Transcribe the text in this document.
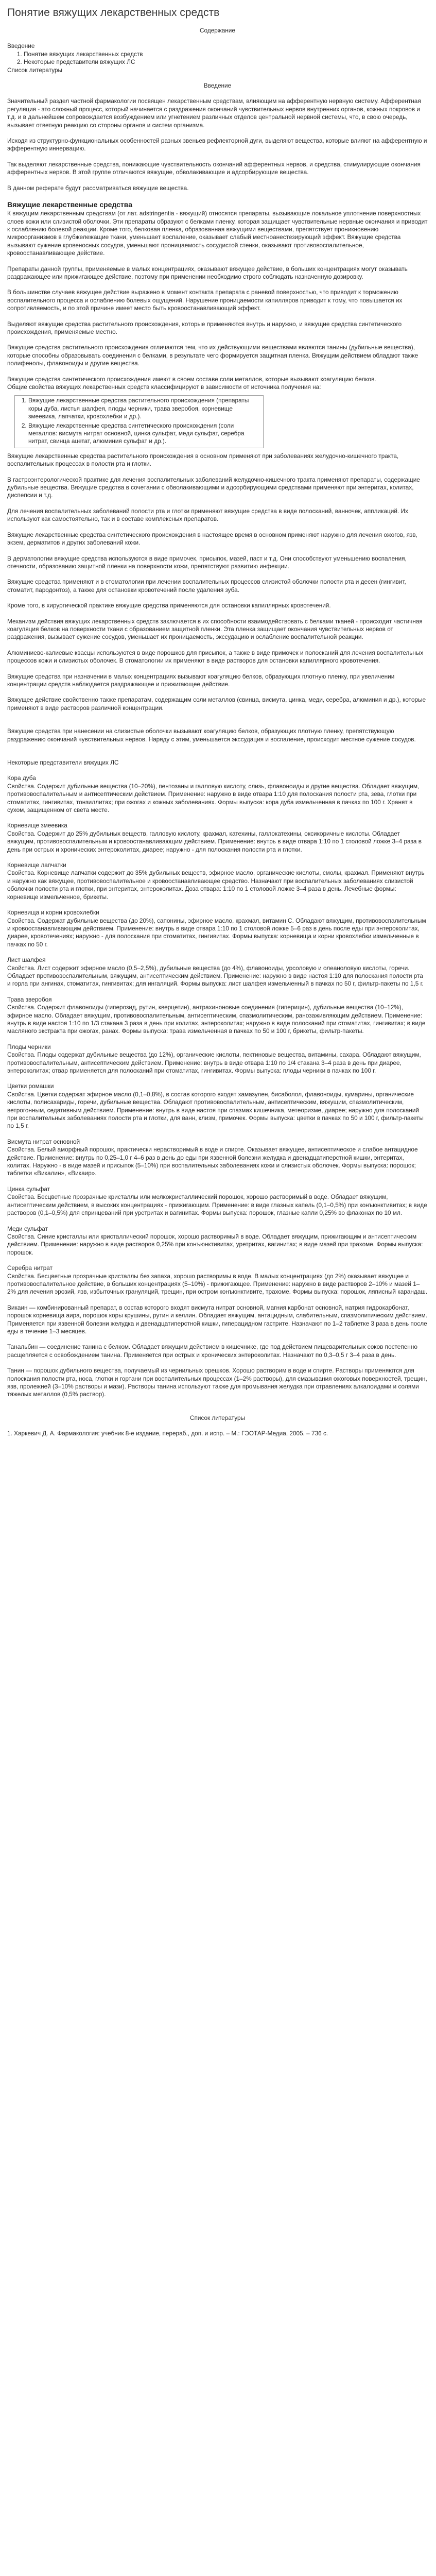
Понятие вяжущих лекарственных средств

Содержание

Введение

1. Понятие вяжущих лекарственных средств
2. Некоторые представители вяжущих ЛС

Список литературы

Введение

Значительный раздел частной фармакологии посвящен лекарственным средствам, влияющим на афферентную нервную систему. Афферентная регуляция - это сложный процесс, который начинается с раздражения окончаний чувствительных нервов внутренних органов, кожных покровов и т.д. и в дальнейшем сопровождается возбуждением или угнетением различных отделов центральной нервной системы, что, в свою очередь, вызывает ответную реакцию со стороны органов и систем организма.

Исходя из структурно-функциональных особенностей разных звеньев рефлекторной дуги, выделяют вещества, которые влияют на афферентную и эфферентную иннервацию.

Так выделяют лекарственные средства, понижающие чувствительность окончаний афферентных нервов, и средства, стимулирующие окончания афферентных нервов. В этой группе отличаются вяжущие, обволакивающие и адсорбирующие вещества.

В данном реферате будут рассматриваться вяжущие вещества.

Вяжущие лекарственные средства

К вяжущим лекарственным средствам (от лат. adstringentia - вяжущий) относятся препараты, вызывающие локальное уплотнение поверхностных слоев кожи или слизистой оболочки. Эти препараты образуют с белками пленку, которая защищает чувствительные нервные окончания и приводит к ослаблению болевой реакции. Кроме того, белковая пленка, образованная вяжущими веществами, препятствует проникновению микроорганизмов в глубжележащие ткани, уменьшает воспаление, оказывает слабый местноанестезирующий эффект. Вяжущие средства вызывают сужение кровеносных сосудов, уменьшают проницаемость сосудистой стенки, оказывают противовоспалительное, кровоостанавливающее действие.

Препараты данной группы, применяемые в малых концентрациях, оказывают вяжущее действие, в больших концентрациях могут оказывать раздражающее или прижигающее действие, поэтому при применении необходимо строго соблюдать назначенную дозировку.

В большинстве случаев вяжущее действие выражено в момент контакта препарата с раневой поверхностью, что приводит к торможению воспалительного процесса и ослаблению болевых ощущений. Нарушение проницаемости капилляров приводит к тому, что повышается их сопротивляемость, и по этой причине имеет место быть кровоостанавливающий эффект.

Выделяют вяжущие средства растительного происхождения, которые применяются внутрь и наружно, и вяжущие средства синтетического происхождения, применяемые местно.

Вяжущие средства растительного происхождения отличаются тем, что их действующими веществами являются танины (дубильные вещества), которые способны образовывать соединения с белками, в результате чего формируется защитная пленка. Вяжущим действием обладают также полифенолы, флавоноиды и другие вещества.

Вяжущие средства синтетического происхождения имеют в своем составе соли металлов, которые вызывают коагуляцию белков.

Общие свойства вяжущих лекарственных средств классифицируют в зависимости от источника получения на:

1. Вяжущие лекарственные средства растительного происхождения (препараты коры дуба, листья шалфея, плоды черники, трава зверобоя, корневище змеевика, лапчатки, кровохлебки и др.).
2. Вяжущие лекарственные средства синтетического происхождения (соли металлов: висмута нитрат основной, цинка сульфат, меди сульфат, серебра нитрат, свинца ацетат, алюминия сульфат и др.).

Вяжущие лекарственные средства растительного происхождения в основном применяют при заболеваниях желудочно-кишечного тракта, воспалительных процессах в полости рта и глотки.

В гастроэнтерологической практике для лечения воспалительных заболеваний желудочно-кишечного тракта применяют препараты, содержащие дубильные вещества. Вяжущие средства в сочетании с обволакивающими и адсорбирующими средствами применяют при энтеритах, колитах, диспепсии и т.д.

Для лечения воспалительных заболеваний полости рта и глотки применяют вяжущие средства в виде полосканий, ванночек, аппликаций. Их используют как самостоятельно, так и в составе комплексных препаратов.

Вяжущие лекарственные средства синтетического происхождения в настоящее время в основном применяют наружно для лечения ожогов, язв, экзем, дерматитов и других заболеваний кожи.

В дерматологии вяжущие средства используются в виде примочек, присыпок, мазей, паст и т.д. Они способствуют уменьшению воспаления, отечности, образованию защитной пленки на поверхности кожи, препятствуют развитию инфекции.

Вяжущие средства применяют и в стоматологии при лечении воспалительных процессов слизистой оболочки полости рта и десен (гингивит, стоматит, пародонтоз), а также для остановки кровотечений после удаления зуба.

Кроме того, в хирургической практике вяжущие средства применяются для остановки капиллярных кровотечений.

Механизм действия вяжущих лекарственных средств заключается в их способности взаимодействовать с белками тканей - происходит частичная коагуляция белков на поверхности ткани с образованием защитной пленки. Эта пленка защищает окончания чувствительных нервов от раздражения, вызывает сужение сосудов, уменьшает их проницаемость, экссудацию и ослабление воспалительной реакции.

Алюминиево-калиевые квасцы используются в виде порошков для присыпок, а также в виде примочек и полосканий для лечения воспалительных процессов кожи и слизистых оболочек. В стоматологии их применяют в виде растворов для остановки капиллярного кровотечения.

Вяжущие средства при назначении в малых концентрациях вызывают коагуляцию белков, образующих плотную пленку, при увеличении концентрации средств наблюдается раздражающее и прижигающее действие.

Вяжущее действие свойственно также препаратам, содержащим соли металлов (свинца, висмута, цинка, меди, серебра, алюминия и др.), которые применяют в виде растворов различной концентрации.

Вяжущие средства при нанесении на слизистые оболочки вызывают коагуляцию белков, образующих плотную пленку, препятствующую раздражению окончаний чувствительных нервов. Наряду с этим, уменьшается экссудация и воспаление, происходит местное сужение сосудов.

Некоторые представители вяжущих ЛС

Кора дуба

Свойства. Содержит дубильные вещества (10–20%), пентозаны и галловую кислоту, слизь, флавоноиды и другие вещества. Обладает вяжущим, противовоспалительным и антисептическим действием. Применение: наружно в виде отвара 1:10 для полоскания полости рта, зева, глотки при стоматитах, гингивитах, тонзиллитах; при ожогах и кожных заболеваниях. Формы выпуска: кора дуба измельченная в пачках по 100 г. Хранят в сухом, защищенном от света месте.

Корневище змеевика

Свойства. Содержит до 25% дубильных веществ, галловую кислоту, крахмал, катехины, галлокатехины, оксикоричные кислоты. Обладает вяжущим, противовоспалительным и кровоостанавливающим действием. Применение: внутрь в виде отвара 1:10 по 1 столовой ложке 3–4 раза в день при острых и хронических энтероколитах, диарее; наружно - для полоскания полости рта и глотки.

Корневище лапчатки

Свойства. Корневище лапчатки содержит до 35% дубильных веществ, эфирное масло, органические кислоты, смолы, крахмал. Применяют внутрь и наружно как вяжущее, противовоспалительное и кровоостанавливающее средство. Назначают при воспалительных заболеваниях слизистой оболочки полости рта и глотки, при энтеритах, энтероколитах. Доза отвара: 1:10 по 1 столовой ложке 3–4 раза в день. Лечебные формы: корневище измельченное, брикеты.

Корневища и корни кровохлебки

Свойства. Содержат дубильные вещества (до 20%), сапонины, эфирное масло, крахмал, витамин C. Обладают вяжущим, противовоспалительным и кровоостанавливающим действием. Применение: внутрь в виде отвара 1:10 по 1 столовой ложке 5–6 раз в день после еды при энтероколитах, диарее, кровотечениях; наружно - для полоскания при стоматитах, гингивитах. Формы выпуска: корневища и корни кровохлебки измельченные в пачках по 50 г.

Лист шалфея

Свойства. Лист содержит эфирное масло (0,5–2,5%), дубильные вещества (до 4%), флавоноиды, урсоловую и олеаноловую кислоты, горечи. Обладает противовоспалительным, вяжущим, антисептическим действием. Применение: наружно в виде настоя 1:10 для полоскания полости рта и горла при ангинах, стоматитах, гингивитах; для ингаляций. Формы выпуска: лист шалфея измельченный в пачках по 50 г, фильтр-пакеты по 1,5 г.

Трава зверобоя

Свойства. Содержит флавоноиды (гиперозид, рутин, кверцетин), антрахиноновые соединения (гиперицин), дубильные вещества (10–12%), эфирное масло. Обладает вяжущим, противовоспалительным, антисептическим, спазмолитическим, ранозаживляющим действием. Применение: внутрь в виде настоя 1:10 по 1/3 стакана 3 раза в день при колитах, энтероколитах; наружно в виде полосканий при стоматитах, гингивитах; в виде масляного экстракта при ожогах, ранах. Формы выпуска: трава измельченная в пачках по 50 и 100 г, брикеты, фильтр-пакеты.

Плоды черники

Свойства. Плоды содержат дубильные вещества (до 12%), органические кислоты, пектиновые вещества, витамины, сахара. Обладают вяжущим, противовоспалительным, антисептическим действием. Применение: внутрь в виде отвара 1:10 по 1/4 стакана 3–4 раза в день при диарее, энтероколитах; отвар применяется для полосканий при стоматитах, гингивитах. Формы выпуска: плоды черники в пачках по 100 г.

Цветки ромашки

Свойства. Цветки содержат эфирное масло (0,1–0,8%), в состав которого входят хамазулен, бисаболол, флавоноиды, кумарины, органические кислоты, полисахариды, горечи, дубильные вещества. Обладают противовоспалительным, антисептическим, вяжущим, спазмолитическим, ветрогонным, седативным действием. Применение: внутрь в виде настоя при спазмах кишечника, метеоризме, диарее; наружно для полосканий при воспалительных заболеваниях полости рта и глотки, для ванн, клизм, примочек. Формы выпуска: цветки в пачках по 50 и 100 г, фильтр-пакеты по 1,5 г.

Висмута нитрат основной

Свойства. Белый аморфный порошок, практически нерастворимый в воде и спирте. Оказывает вяжущее, антисептическое и слабое антацидное действие. Применение: внутрь по 0,25–1,0 г 4–6 раз в день до еды при язвенной болезни желудка и двенадцатиперстной кишки, энтеритах, колитах. Наружно - в виде мазей и присыпок (5–10%) при воспалительных заболеваниях кожи и слизистых оболочек. Формы выпуска: порошок; таблетки «Викалин», «Викаир».

Цинка сульфат

Свойства. Бесцветные прозрачные кристаллы или мелкокристаллический порошок, хорошо растворимый в воде. Обладает вяжущим, антисептическим действием, в высоких концентрациях - прижигающим. Применение: в виде глазных капель (0,1–0,5%) при конъюнктивитах; в виде растворов (0,1–0,5%) для спринцеваний при уретритах и вагинитах. Формы выпуска: порошок, глазные капли 0,25% во флаконах по 10 мл.

Меди сульфат

Свойства. Синие кристаллы или кристаллический порошок, хорошо растворимый в воде. Обладает вяжущим, прижигающим и антисептическим действием. Применение: наружно в виде растворов 0,25% при конъюнктивитах, уретритах, вагинитах; в виде мазей при трахоме. Формы выпуска: порошок.

Серебра нитрат

Свойства. Бесцветные прозрачные кристаллы без запаха, хорошо растворимы в воде. В малых концентрациях (до 2%) оказывает вяжущее и противовоспалительное действие, в больших концентрациях (5–10%) - прижигающее. Применение: наружно в виде растворов 2–10% и мазей 1–2% для лечения эрозий, язв, избыточных грануляций, трещин, при остром конъюнктивите, трахоме. Формы выпуска: порошок, ляписный карандаш.

Викаин — комбинированный препарат, в состав которого входят висмута нитрат основной, магния карбонат основной, натрия гидрокарбонат, порошок корневища аира, порошок коры крушины, рутин и келлин. Обладает вяжущим, антацидным, слабительным, спазмолитическим действием. Применяется при язвенной болезни желудка и двенадцатиперстной кишки, гиперацидном гастрите. Назначают по 1–2 таблетке 3 раза в день после еды в течение 1–3 месяцев.

Танальбин — соединение танина с белком. Обладает вяжущим действием в кишечнике, где под действием пищеварительных соков постепенно расщепляется с освобождением танина. Применяется при острых и хронических энтероколитах. Назначают по 0,3–0,5 г 3–4 раза в день.

Танин — порошок дубильного вещества, получаемый из чернильных орешков. Хорошо растворим в воде и спирте. Растворы применяются для полоскания полости рта, носа, глотки и гортани при воспалительных процессах (1–2% растворы), для смазывания ожоговых поверхностей, трещин, язв, пролежней (3–10% растворы и мази). Растворы танина используют также для промывания желудка при отравлениях алкалоидами и солями тяжелых металлов (0,5% раствор).

Список литературы

1. Харкевич Д. А. Фармакология: учебник 8-е издание, перераб., доп. и испр. – М.: ГЭОТАР-Медиа, 2005. – 736 с.
